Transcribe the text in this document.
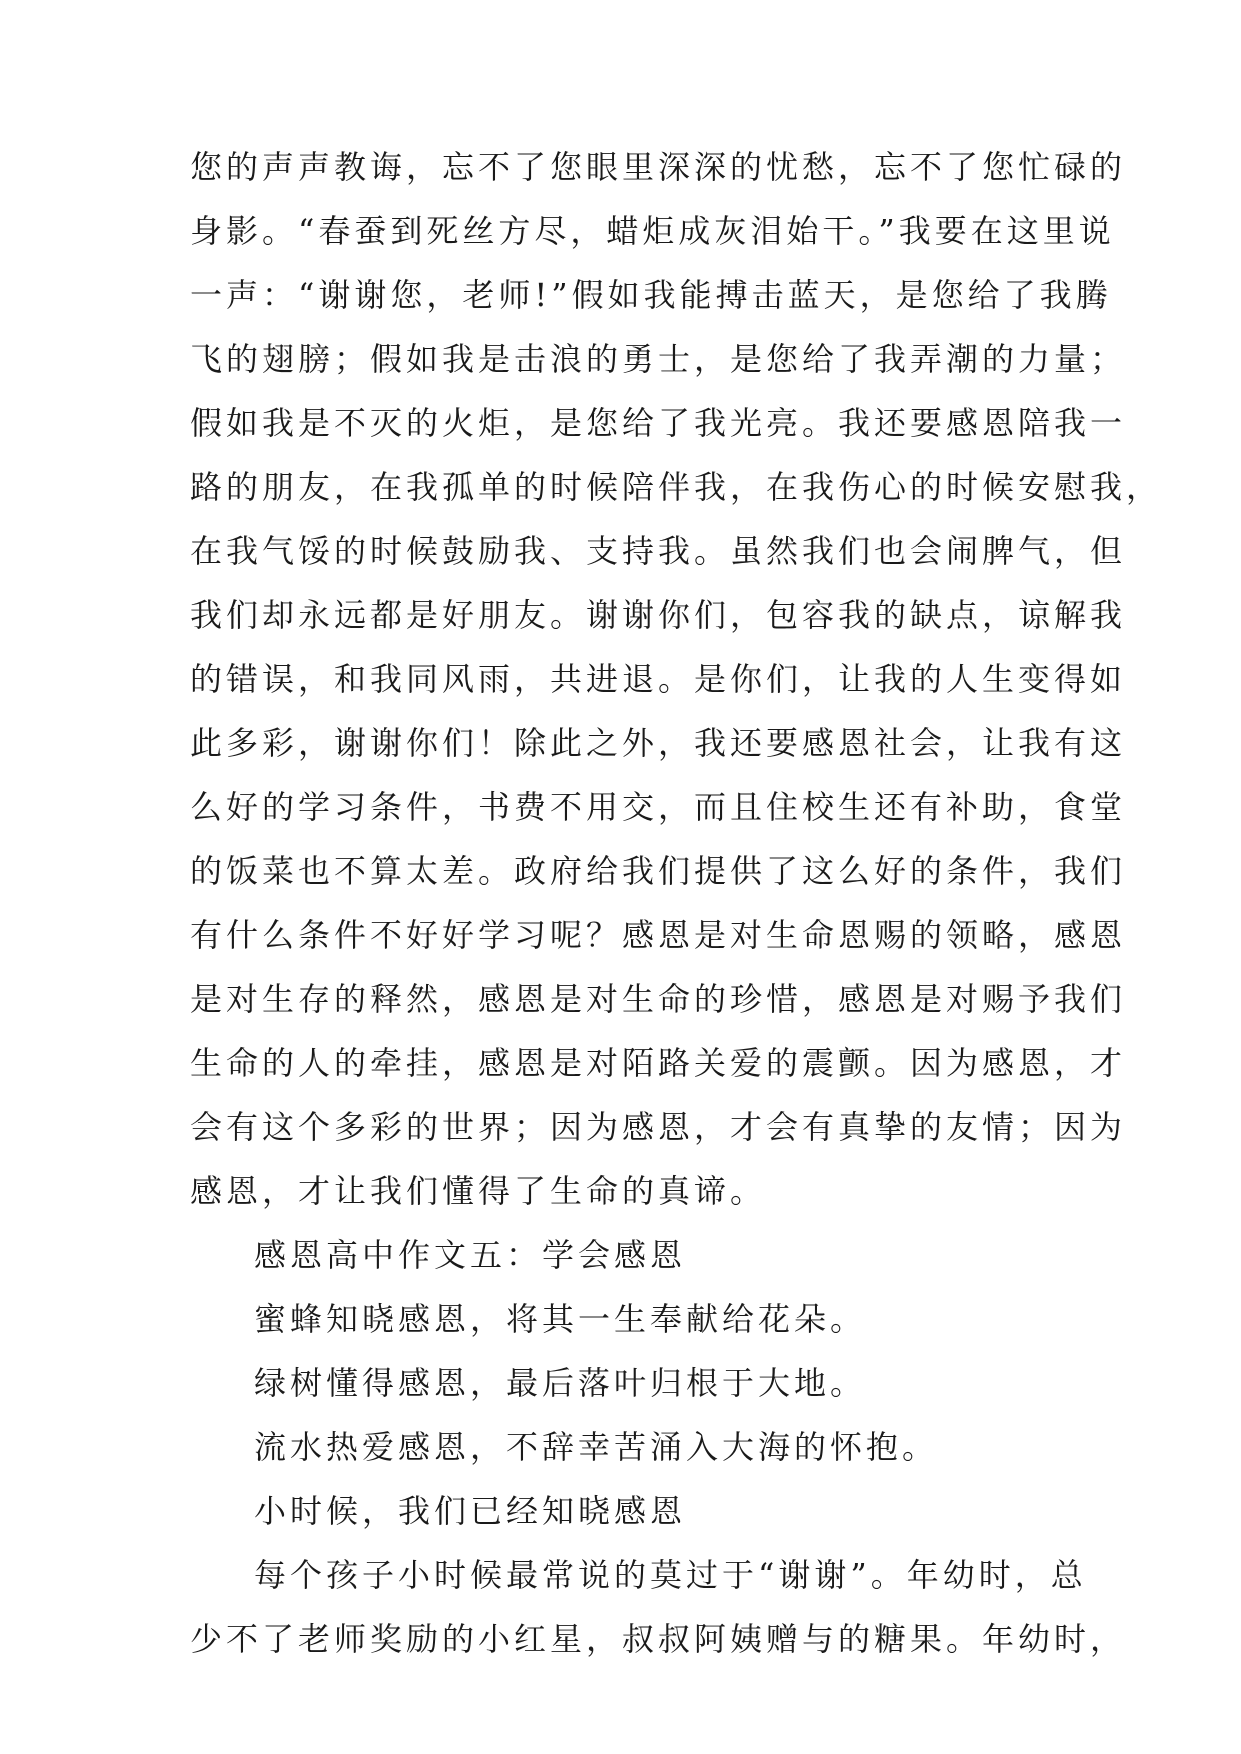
您的声声教诲，忘不了您眼里深深的忧愁，忘不了您忙碌的
身影。“春蚕到死丝方尽，蜡炬成灰泪始干。”我要在这里说
一声：“谢谢您，老师!”假如我能搏击蓝天，是您给了我腾
飞的翅膀；假如我是击浪的勇士，是您给了我弄潮的力量；
假如我是不灭的火炬，是您给了我光亮。我还要感恩陪我一
路的朋友，在我孤单的时候陪伴我，在我伤心的时候安慰我，
在我气馁的时候鼓励我、支持我。虽然我们也会闹脾气，但
我们却永远都是好朋友。谢谢你们，包容我的缺点，谅解我
的错误，和我同风雨，共进退。是你们，让我的人生变得如
此多彩，谢谢你们！除此之外，我还要感恩社会，让我有这
么好的学习条件，书费不用交，而且住校生还有补助，食堂
的饭菜也不算太差。政府给我们提供了这么好的条件，我们
有什么条件不好好学习呢？感恩是对生命恩赐的领略，感恩
是对生存的释然，感恩是对生命的珍惜，感恩是对赐予我们
生命的人的牵挂，感恩是对陌路关爱的震颤。因为感恩，才
会有这个多彩的世界；因为感恩，才会有真挚的友情；因为
感恩，才让我们懂得了生命的真谛。
感恩高中作文五：学会感恩
蜜蜂知晓感恩，将其一生奉献给花朵。
绿树懂得感恩，最后落叶归根于大地。
流水热爱感恩，不辞幸苦涌入大海的怀抱。
小时候，我们已经知晓感恩
每个孩子小时候最常说的莫过于“谢谢”。年幼时，总
少不了老师奖励的小红星，叔叔阿姨赠与的糖果。年幼时，
